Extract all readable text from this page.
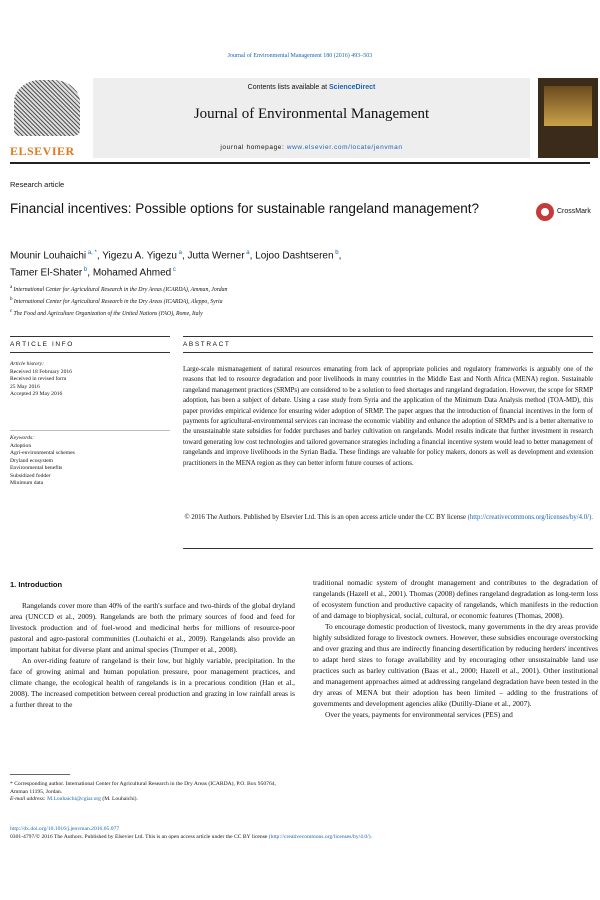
Journal of Environmental Management 180 (2016) 493–503
ELSEVIER
Contents lists available at ScienceDirect
Journal of Environmental Management
journal homepage: www.elsevier.com/locate/jenvman
Research article
Financial incentives: Possible options for sustainable rangeland management?	CrossMark
Mounir Louhaichi $^{a, *}$, Yigezu A. Yigezu $^a$, Jutta Werner $^a$, Lojoo Dashtseren $^b$,
Tamer El-Shater $^b$, Mohamed Ahmed $^c$
$^a$ International Center for Agricultural Research in the Dry Areas (ICARDA), Amman, Jordan
$^b$ International Center for Agricultural Research in the Dry Areas (ICARDA), Aleppo, Syria
$^c$ The Food and Agriculture Organization of the United Nations (FAO), Rome, Italy
ARTICLE INFO	ABSTRACT
Article history:
Received 18 February 2016
Received in revised form
25 May 2016
Accepted 29 May 2016
Keywords:
Adoption
Agri-environmental schemes
Dryland ecosystem
Environmental benefits
Subsidized fodder
Minimum data
Large-scale mismanagement of natural resources emanating from lack of appropriate policies and regulatory frameworks is arguably one of the reasons that led to resource degradation and poor livelihoods in many countries in the Middle East and North Africa (MENA) region. Sustainable rangeland management practices (SRMPs) are considered to be a solution to feed shortages and rangeland degradation. However, the scope for SRMP adoption, has been a subject of debate. Using a case study from Syria and the application of the Minimum Data Analysis method (TOA-MD), this paper provides empirical evidence for ensuring wider adoption of SRMP. The paper argues that the introduction of financial incentives in the form of payments for agricultural-environmental services can increase the economic viability and enhance the adoption of SRMPs and is a better alternative to the unsustainable state subsidies for fodder purchases and barley cultivation on rangelands. Model results indicate that further investment in research toward generating low cost technologies and tailored governance strategies including a financial incentive system would lead to better management of rangelands and improve livelihoods in the Syrian Badia. These findings are valuable for policy makers, donors as well as development and extension practitioners in the MENA region as they can better inform future courses of actions.
© 2016 The Authors. Published by Elsevier Ltd. This is an open access article under the CC BY license (http://creativecommons.org/licenses/by/4.0/).
1. Introduction

Rangelands cover more than 40% of the earth's surface and two-thirds of the global dryland area (UNCCD et al., 2009). Rangelands are both the primary sources of food and feed for livestock production and of fuel-wood and medicinal herbs for millions of resource-poor pastoral and agro-pastoral communities (Louhaichi et al., 2009). Rangelands also provide an important habitat for diverse plant and animal species (Trumper et al., 2008).

An over-riding feature of rangeland is their low, but highly variable, precipitation. In the face of growing animal and human population pressure, poor management practices, and climate change, the ecological health of rangelands is in a precarious condition (Han et al., 2008). The increased competition between cereal production and grazing in low rainfall areas is a further threat to the

traditional nomadic system of drought management and contributes to the degradation of rangelands (Hazell et al., 2001). Thomas (2008) defines rangeland degradation as long-term loss of ecosystem function and productive capacity of rangelands, which manifests in the reduction of and damage to biophysical, social, cultural, or economic features (Thomas, 2008).

To encourage domestic production of livestock, many governments in the dry areas provide highly subsidized forage to livestock owners. However, these subsidies encourage overstocking and over grazing and thus are indirectly financing desertification by reducing herders' incentives to adapt herd sizes to forage availability and by encouraging other unsustainable land use practices such as barley cultivation (Baas et al., 2000; Hazell et al., 2001). Other institutional and management approaches aimed at addressing rangeland degradation have been tested in the dry areas of MENA but their adoption has been limited – adding to the frustrations of governments and development agencies alike (Dutilly-Diane et al., 2007).

Over the years, payments for environmental services (PES) and

* Corresponding author. International Center for Agricultural Research in the Dry Areas (ICARDA), P.O. Box 950764, Amman 11195, Jordan.
E-mail address: M.Louhaichi@cgiar.org (M. Louhaichi).
http://dx.doi.org/10.1016/j.jenvman.2016.05.077
0301-4797/© 2016 The Authors. Published by Elsevier Ltd. This is an open access article under the CC BY license (http://creativecommons.org/licenses/by/4.0/).
